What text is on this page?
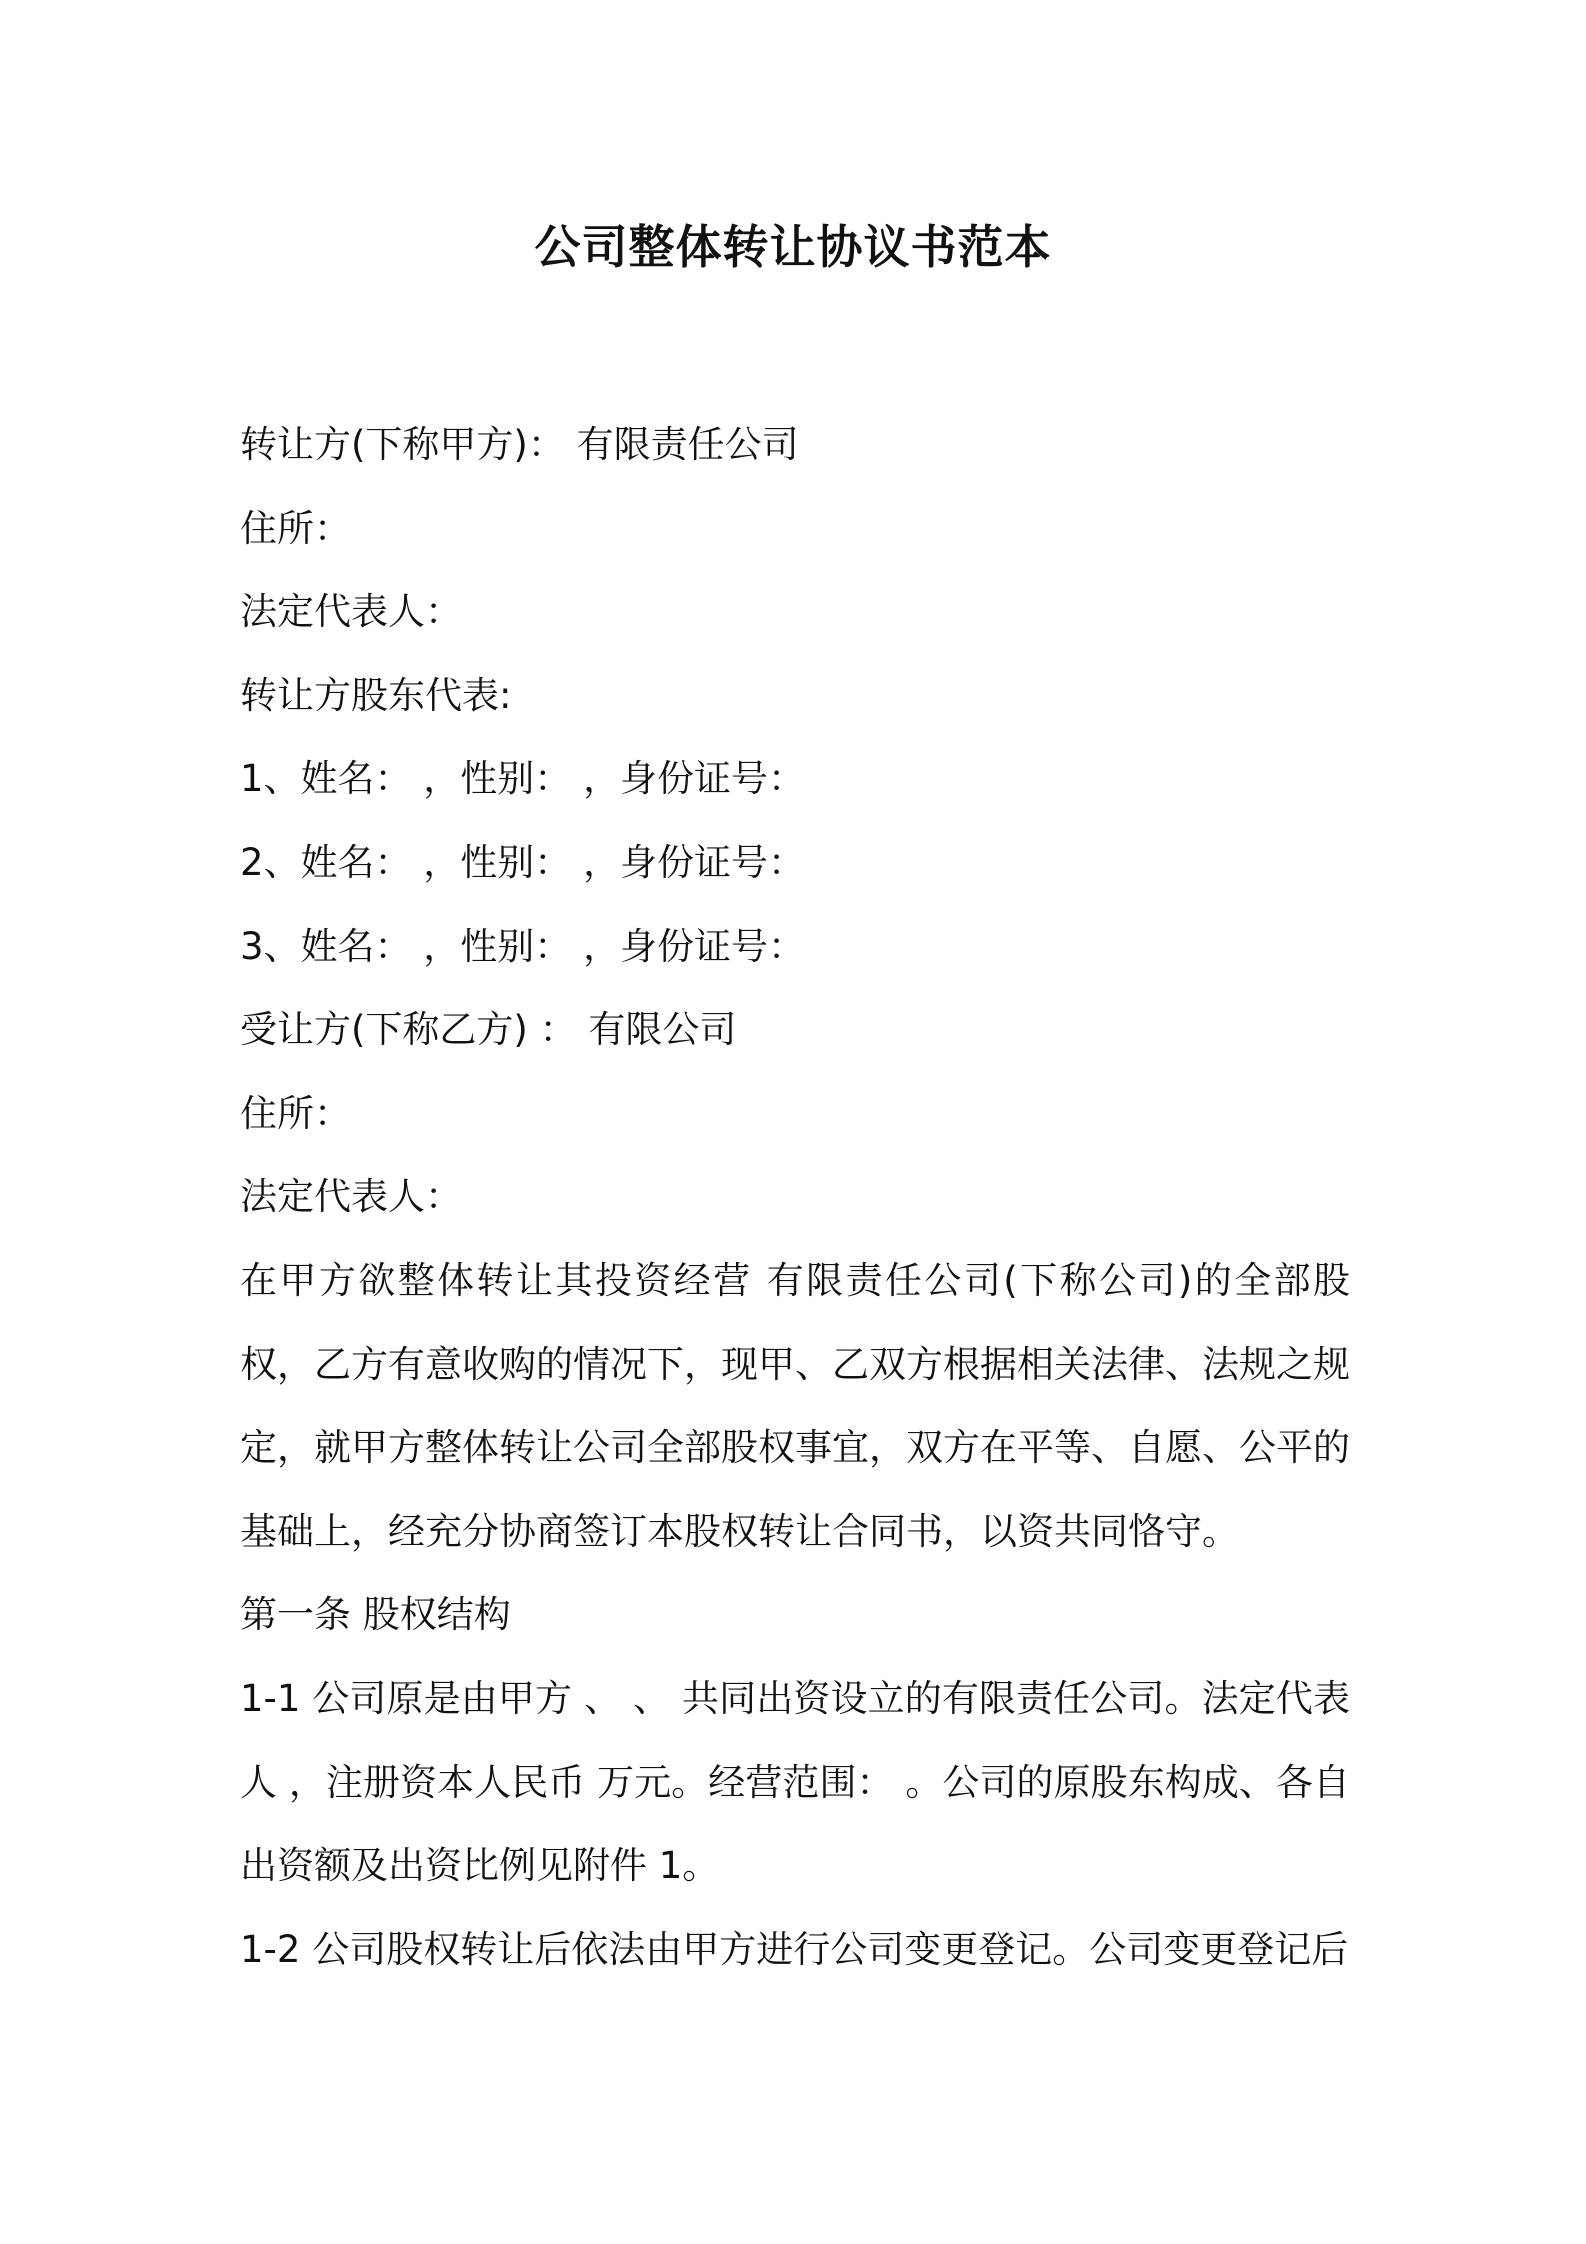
公司整体转让协议书范本

转让方(下称甲方)： 有限责任公司

住所：

法定代表人：

转让方股东代表:

1、姓名： ，性别： ，身份证号：

2、姓名： ，性别： ，身份证号：

3、姓名： ，性别： ，身份证号：

受让方(下称乙方) ： 有限公司

住所：

法定代表人：

在甲方欲整体转让其投资经营 有限责任公司(下称公司)的全部股权，乙方有意收购的情况下，现甲、乙双方根据相关法律、法规之规定，就甲方整体转让公司全部股权事宜，双方在平等、自愿、公平的基础上，经充分协商签订本股权转让合同书，以资共同恪守。

第一条 股权结构

1-1 公司原是由甲方 、 、 共同出资设立的有限责任公司。法定代表人 ，注册资本人民币 万元。经营范围： 。公司的原股东构成、各自出资额及出资比例见附件 1。

1-2 公司股权转让后依法由甲方进行公司变更登记。公司变更登记后
